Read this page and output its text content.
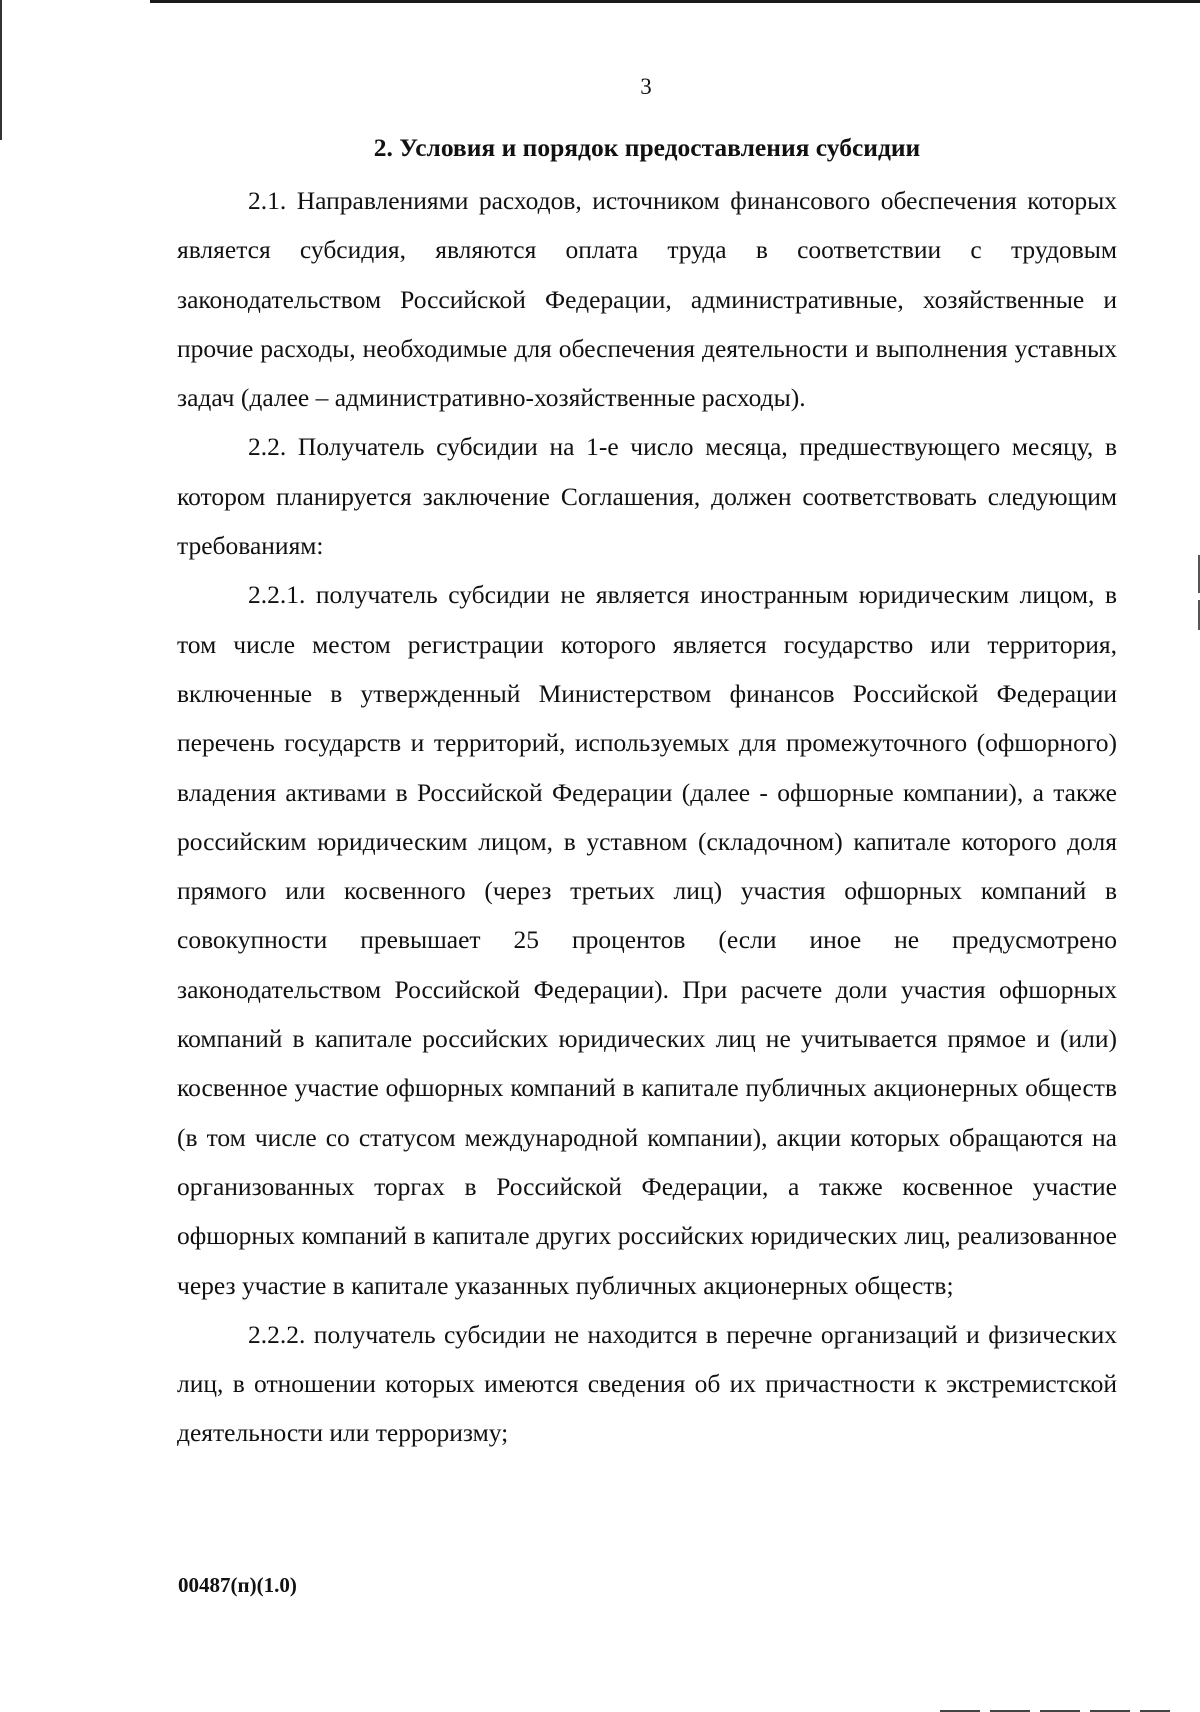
3
2. Условия и порядок предоставления субсидии

2.1. Направлениями расходов, источником финансового обеспечения которых является субсидия, являются оплата труда в соответствии с трудовым законодательством Российской Федерации, административные, хозяйственные и прочие расходы, необходимые для обеспечения деятельности и выполнения уставных задач (далее – административно-хозяйственные расходы).

2.2. Получатель субсидии на 1-е число месяца, предшествующего месяцу, в котором планируется заключение Соглашения, должен соответствовать следующим требованиям:

2.2.1. получатель субсидии не является иностранным юридическим лицом, в том числе местом регистрации которого является государство или территория, включенные в утвержденный Министерством финансов Российской Федерации перечень государств и территорий, используемых для промежуточного (офшорного) владения активами в Российской Федерации (далее - офшорные компании), а также российским юридическим лицом, в уставном (складочном) капитале которого доля прямого или косвенного (через третьих лиц) участия офшорных компаний в совокупности превышает 25 процентов (если иное не предусмотрено законодательством Российской Федерации). При расчете доли участия офшорных компаний в капитале российских юридических лиц не учитывается прямое и (или) косвенное участие офшорных компаний в капитале публичных акционерных обществ (в том числе со статусом международной компании), акции которых обращаются на организованных торгах в Российской Федерации, а также косвенное участие офшорных компаний в капитале других российских юридических лиц, реализованное через участие в капитале указанных публичных акционерных обществ;

2.2.2. получатель субсидии не находится в перечне организаций и физических лиц, в отношении которых имеются сведения об их причастности к экстремистской деятельности или терроризму;

00487(п)(1.0)
